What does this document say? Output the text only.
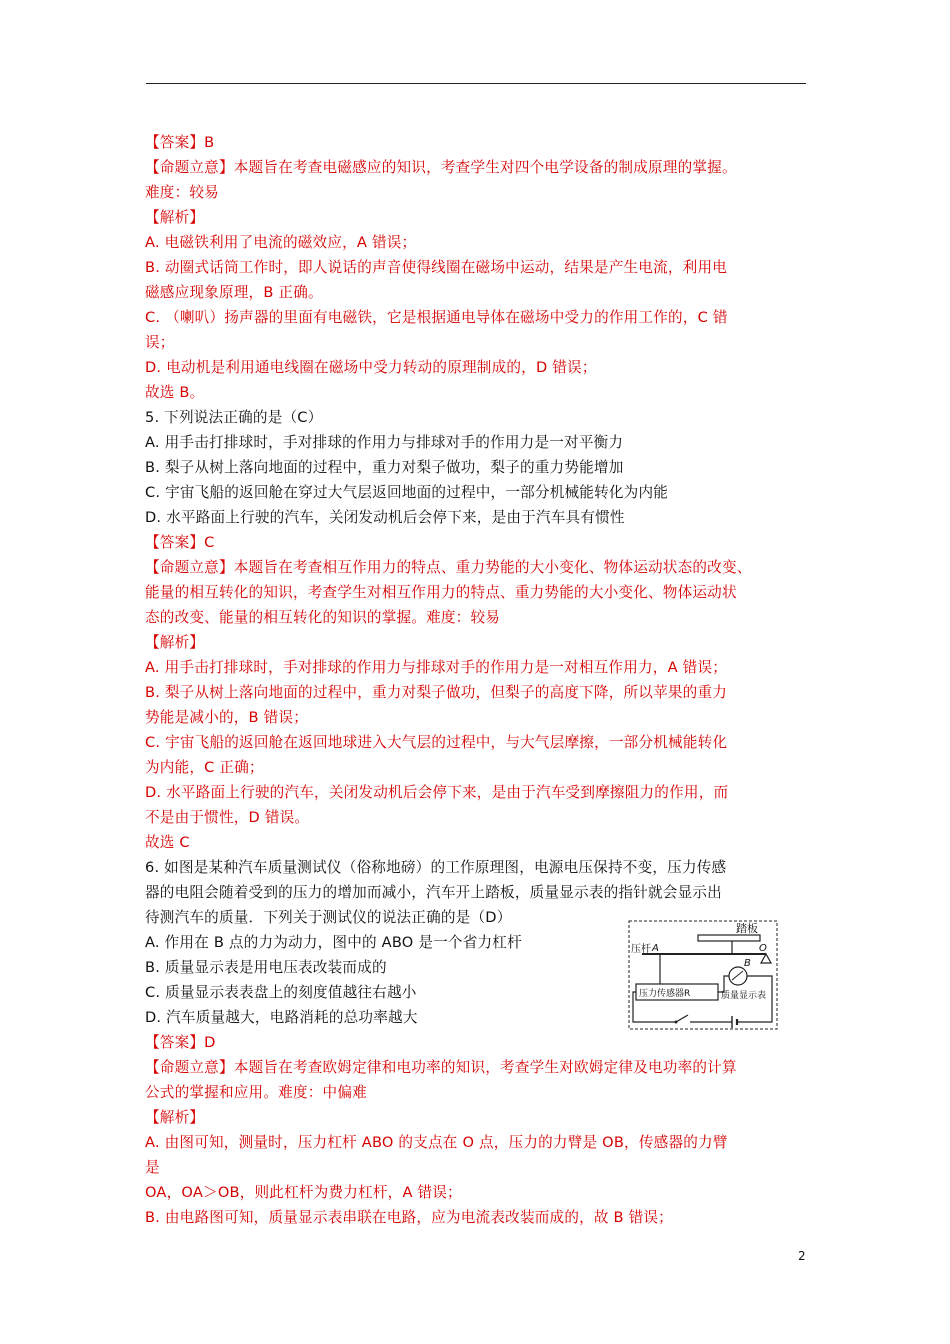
【答案】B
【命题立意】本题旨在考查电磁感应的知识，考查学生对四个电学设备的制成原理的掌握。
难度：较易
【解析】
A. 电磁铁利用了电流的磁效应，A 错误；
B. 动圈式话筒工作时，即人说话的声音使得线圈在磁场中运动，结果是产生电流，利用电
磁感应现象原理，B 正确。
C. （喇叭）扬声器的里面有电磁铁，它是根据通电导体在磁场中受力的作用工作的，C 错
误；
D. 电动机是利用通电线圈在磁场中受力转动的原理制成的，D 错误；
故选 B。
5. 下列说法正确的是（C）
A. 用手击打排球时，手对排球的作用力与排球对手的作用力是一对平衡力
B. 梨子从树上落向地面的过程中，重力对梨子做功，梨子的重力势能增加
C. 宇宙飞船的返回舱在穿过大气层返回地面的过程中，一部分机械能转化为内能
D. 水平路面上行驶的汽车，关闭发动机后会停下来，是由于汽车具有惯性
【答案】C
【命题立意】本题旨在考查相互作用力的特点、重力势能的大小变化、物体运动状态的改变、
能量的相互转化的知识，考查学生对相互作用力的特点、重力势能的大小变化、物体运动状
态的改变、能量的相互转化的知识的掌握。难度：较易
【解析】
A. 用手击打排球时，手对排球的作用力与排球对手的作用力是一对相互作用力，A 错误；
B. 梨子从树上落向地面的过程中，重力对梨子做功，但梨子的高度下降，所以苹果的重力
势能是减小的，B 错误；
C. 宇宙飞船的返回舱在返回地球进入大气层的过程中，与大气层摩擦，一部分机械能转化
为内能，C 正确；
D. 水平路面上行驶的汽车，关闭发动机后会停下来，是由于汽车受到摩擦阻力的作用，而
不是由于惯性，D 错误。
故选 C
6. 如图是某种汽车质量测试仪（俗称地磅）的工作原理图，电源电压保持不变，压力传感
器的电阻会随着受到的压力的增加而减小，汽车开上踏板，质量显示表的指针就会显示出
待测汽车的质量．下列关于测试仪的说法正确的是（D）
A. 作用在 B 点的力为动力，图中的 ABO 是一个省力杠杆
B. 质量显示表是用电压表改装而成的
C. 质量显示表表盘上的刻度值越往右越小
D. 汽车质量越大，电路消耗的总功率越大
【答案】D
【命题立意】本题旨在考查欧姆定律和电功率的知识，考查学生对欧姆定律及电功率的计算
公式的掌握和应用。难度：中偏难
【解析】
A. 由图可知，测量时，压力杠杆 ABO 的支点在 O 点，压力的力臂是 OB，传感器的力臂
是
OA，OA＞OB，则此杠杆为费力杠杆，A 错误；
B. 由电路图可知，质量显示表串联在电路，应为电流表改装而成的，故 B 错误；
踏板
O
B
A
压杆
压力传感器R	质量显示表
2
